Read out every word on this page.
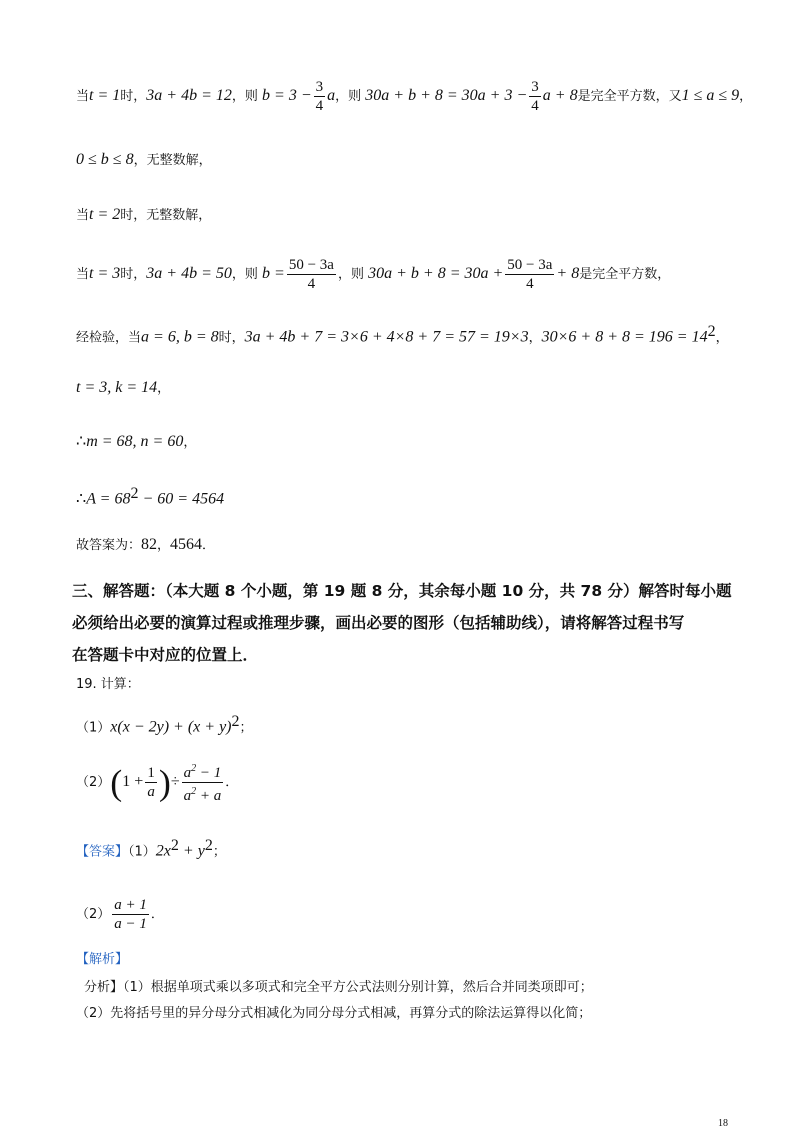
当t = 1时，3a + 4b = 12，则 $b = 3 - \frac{3}{4}$ a，则 $30a + b + 8 = 30a + 3 - \frac{3}{4}$ a + 8是完全平方数，又1 ≤ a ≤ 9，
0 ≤ b ≤ 8，无整数解，
当t = 2时，无整数解，
当t = 3时，3a + 4b = 50，则 $b = \frac{50 - 3a}{4}$ ，则 $30a + b + 8 = 30a + \frac{50 - 3a}{4} + 8$是完全平方数，
经检验，当a = 6, b = 8时，3a + 4b + 7 = 3×6 + 4×8 + 7 = 57 = 19×3，$30\times 6 + 8 + 8 = 196 = 14^2$，
t = 3, k = 14，
∴m = 68, n = 60，
∴A = $68^2 - 60 = 4564$
故答案为：82，4564．
三、解答题：（本大题 8 个小题，第 19 题 8 分，其余每小题 10 分，共 78 分）解答时每小题
必须给出必要的演算过程或推理步骤，画出必要的图形（包括辅助线），请将解答过程书写
在答题卡中对应的位置上．
19. 计算：
$(1)x(x - 2y) + (x + y)^2$；
$(2)(1 + \frac{1}{a}$ )÷ $\frac{a^2 - 1}{a^2 + a}$ ．
【答案】$(1)2x^2 + y^2$；
$(2) \frac{a + 1}{a - 1}$ ．
【解析】
分析】（1）根据单项式乘以多项式和完全平方公式法则分别计算，然后合并同类项即可；
（2）先将括号里的异分母分式相减化为同分母分式相减，再算分式的除法运算得以化简；
18
